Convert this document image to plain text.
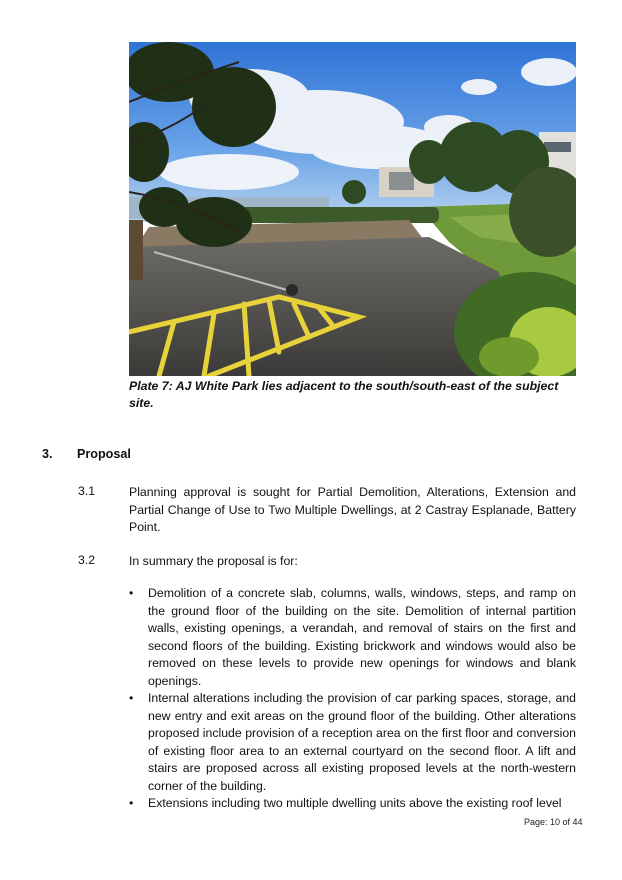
Plate 7: AJ White Park lies adjacent to the south/south-east of the subject site.
3. Proposal
3.1	Planning approval is sought for Partial Demolition, Alterations, Extension and Partial Change of Use to Two Multiple Dwellings, at 2 Castray Esplanade, Battery Point.
3.2	In summary the proposal is for:
• Demolition of a concrete slab, columns, walls, windows, steps, and ramp on the ground floor of the building on the site. Demolition of internal partition walls, existing openings, a verandah, and removal of stairs on the first and second floors of the building. Existing brickwork and windows would also be removed on these levels to provide new openings for windows and blank openings.
• Internal alterations including the provision of car parking spaces, storage, and new entry and exit areas on the ground floor of the building. Other alterations proposed include provision of a reception area on the first floor and conversion of existing floor area to an external courtyard on the second floor. A lift and stairs are proposed across all existing proposed levels at the north-western corner of the building.
• Extensions including two multiple dwelling units above the existing roof level
Page: 10 of 44
